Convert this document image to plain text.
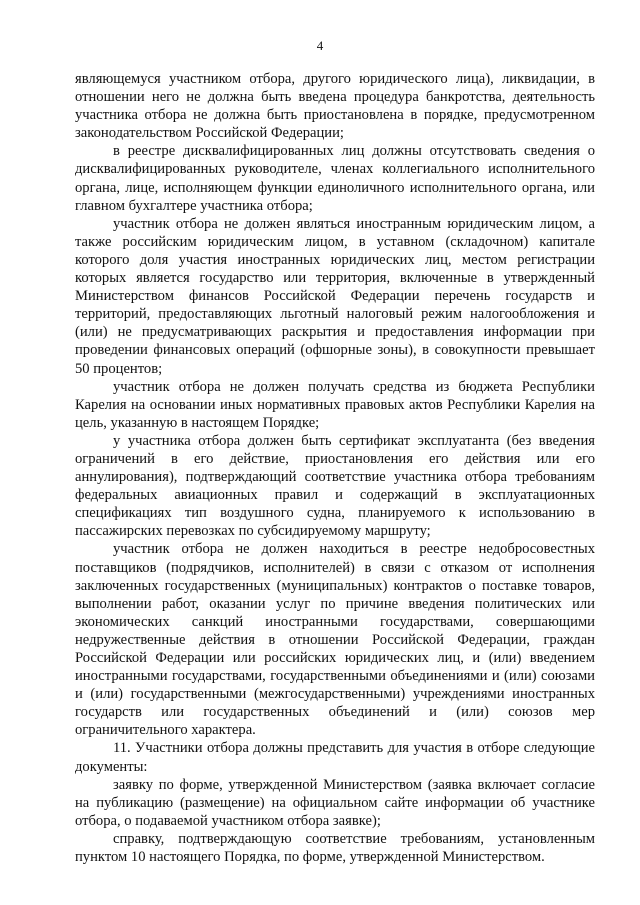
4

являющемуся участником отбора, другого юридического лица), ликвидации, в отношении него не должна быть введена процедура банкротства, деятельность участника отбора не должна быть приостановлена в порядке, предусмотренном законодательством Российской Федерации;

в реестре дисквалифицированных лиц должны отсутствовать сведения о дисквалифицированных руководителе, членах коллегиального исполнительного органа, лице, исполняющем функции единоличного исполнительного органа, или главном бухгалтере участника отбора;

участник отбора не должен являться иностранным юридическим лицом, а также российским юридическим лицом, в уставном (складочном) капитале которого доля участия иностранных юридических лиц, местом регистрации которых является государство или территория, включенные в утвержденный Министерством финансов Российской Федерации перечень государств и территорий, предоставляющих льготный налоговый режим налогообложения и (или) не предусматривающих раскрытия и предоставления информации при проведении финансовых операций (офшорные зоны), в совокупности превышает 50 процентов;

участник отбора не должен получать средства из бюджета Республики Карелия на основании иных нормативных правовых актов Республики Карелия на цель, указанную в настоящем Порядке;

у участника отбора должен быть сертификат эксплуатанта (без введения ограничений в его действие, приостановления его действия или его аннулирования), подтверждающий соответствие участника отбора требованиям федеральных авиационных правил и содержащий в эксплуатационных спецификациях тип воздушного судна, планируемого к использованию в пассажирских перевозках по субсидируемому маршруту;

участник отбора не должен находиться в реестре недобросовестных поставщиков (подрядчиков, исполнителей) в связи с отказом от исполнения заключенных государственных (муниципальных) контрактов о поставке товаров, выполнении работ, оказании услуг по причине введения политических или экономических санкций иностранными государствами, совершающими недружественные действия в отношении Российской Федерации, граждан Российской Федерации или российских юридических лиц, и (или) введением иностранными государствами, государственными объединениями и (или) союзами и (или) государственными (межгосударственными) учреждениями иностранных государств или государственных объединений и (или) союзов мер ограничительного характера.

11. Участники отбора должны представить для участия в отборе следующие документы:

заявку по форме, утвержденной Министерством (заявка включает согласие на публикацию (размещение) на официальном сайте информации об участнике отбора, о подаваемой участником отбора заявке);

справку, подтверждающую соответствие требованиям, установленным пунктом 10 настоящего Порядка, по форме, утвержденной Министерством.
